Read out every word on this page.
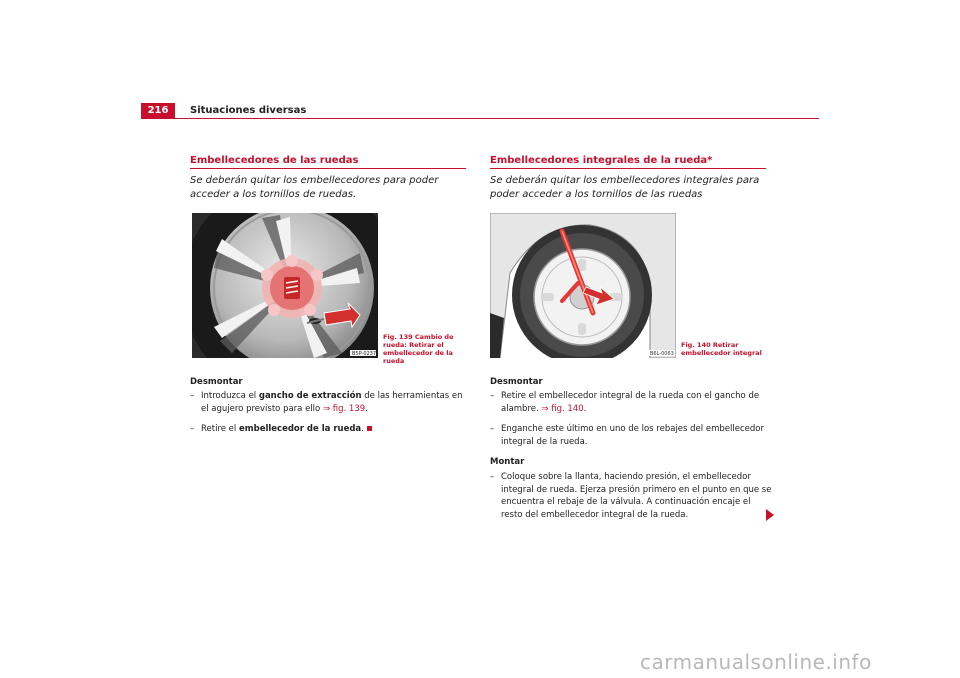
216	Situaciones diversas
Embellecedores de las ruedas

Se deberán quitar los embellecedores para poder acceder a los tornillos de ruedas.

B5P-0237
Fig. 139 Cambio de rueda: Retirar el embellecedor de la rueda
Desmontar
– Introduzca el gancho de extracción de las herramientas en el agujero previsto para ello ⇒ fig. 139.
– Retire el embellecedor de la rueda.
Embellecedores integrales de la rueda*

Se deberán quitar los embellecedores integrales para poder acceder a los tornillos de las ruedas

B6L-0063
Fig. 140 Retirar embellecedor integral
Desmontar
– Retire el embellecedor integral de la rueda con el gancho de alambre. ⇒ fig. 140.
– Enganche este último en uno de los rebajes del embellecedor integral de la rueda.
Montar
– Coloque sobre la llanta, haciendo presión, el embellecedor integral de rueda. Ejerza presión primero en el punto en que se encuentra el rebaje de la válvula. A continuación encaje el resto del embellecedor integral de la rueda.
carmanualsonline.info
